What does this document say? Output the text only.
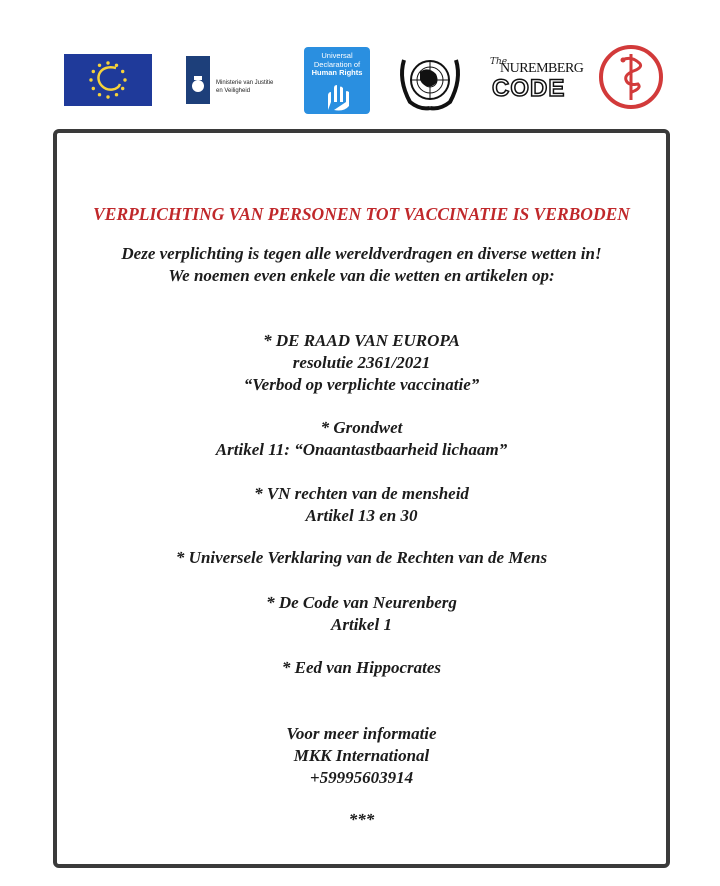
Ministerie van Justitie
en Veiligheid
Universal
Declaration of
Human Rights
The
NUREMBERG
CODE
VERPLICHTING VAN PERSONEN TOT VACCINATIE IS VERBODEN
Deze verplichting is tegen alle wereldverdragen en diverse wetten in!
We noemen even enkele van die wetten en artikelen op:
* DE RAAD VAN EUROPA
resolutie 2361/2021
“Verbod op verplichte vaccinatie”
* Grondwet
Artikel 11: “Onaantastbaarheid lichaam”
* VN rechten van de mensheid
Artikel 13 en 30
* Universele Verklaring van de Rechten van de Mens
* De Code van Neurenberg
Artikel 1
* Eed van Hippocrates
Voor meer informatie
MKK International
+59995603914
***
